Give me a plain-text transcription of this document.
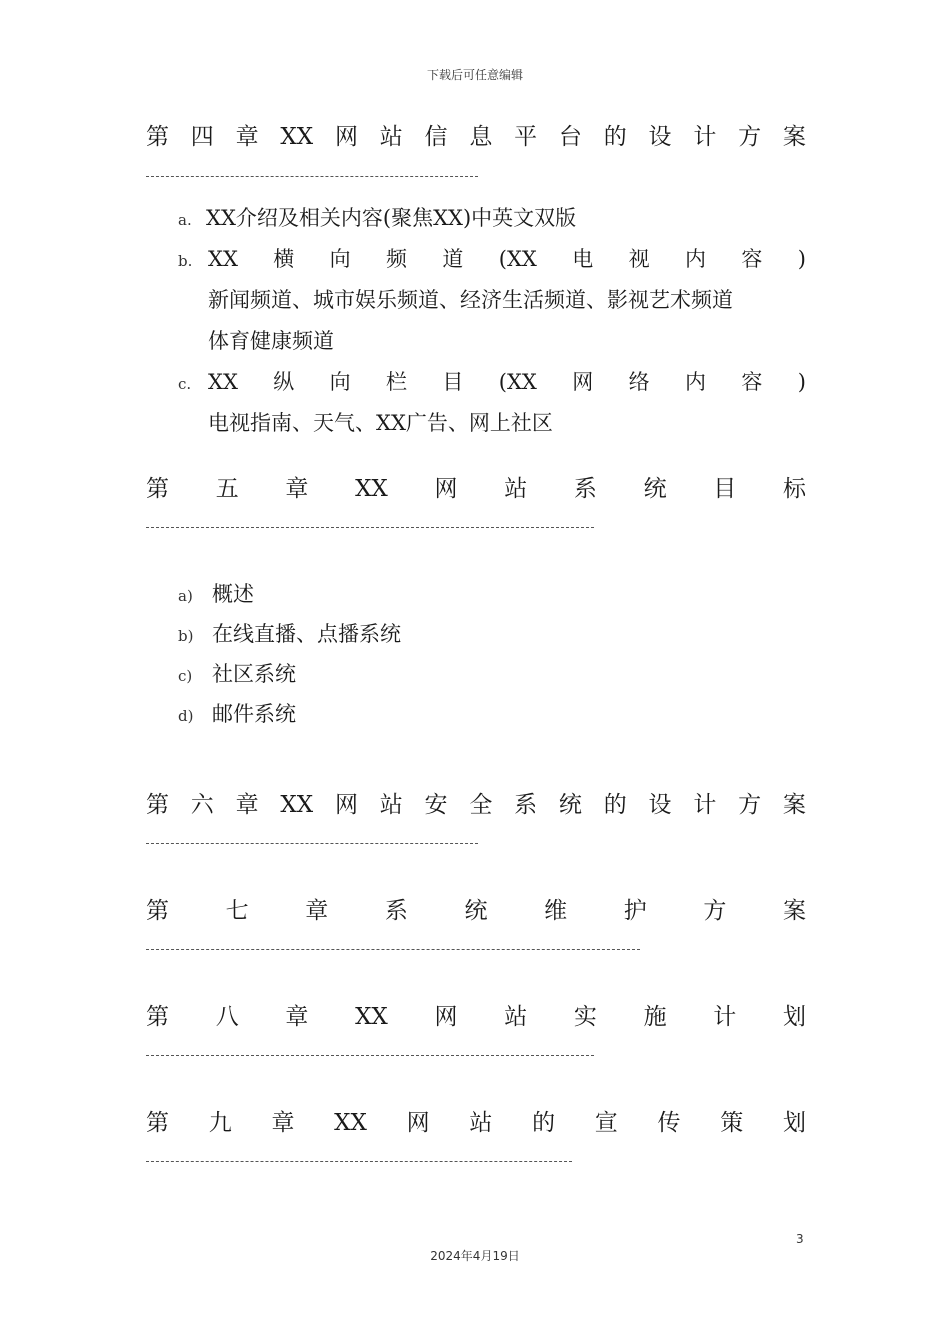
下载后可任意编辑
第 四 章 XX 网 站 信 息 平 台 的 设 计 方 案
a. XX介绍及相关内容(聚焦XX)中英文双版
b. XX 横 向 频 道 (XX 电 视 内 容 )
新闻频道、城市娱乐频道、经济生活频道、影视艺术频道
体育健康频道
c. XX 纵 向 栏 目 (XX 网 络 内 容 )
电视指南、天气、XX广告、网上社区
第 五 章 XX 网 站 系 统 目 标
a) 概述
b) 在线直播、点播系统
c) 社区系统
d) 邮件系统
第 六 章 XX 网 站 安 全 系 统 的 设 计 方 案
第 七 章 系 统 维 护 方 案
第 八 章 XX 网 站 实 施 计 划
第 九 章 XX 网 站 的 宣 传 策 划
3
2024年4月19日
